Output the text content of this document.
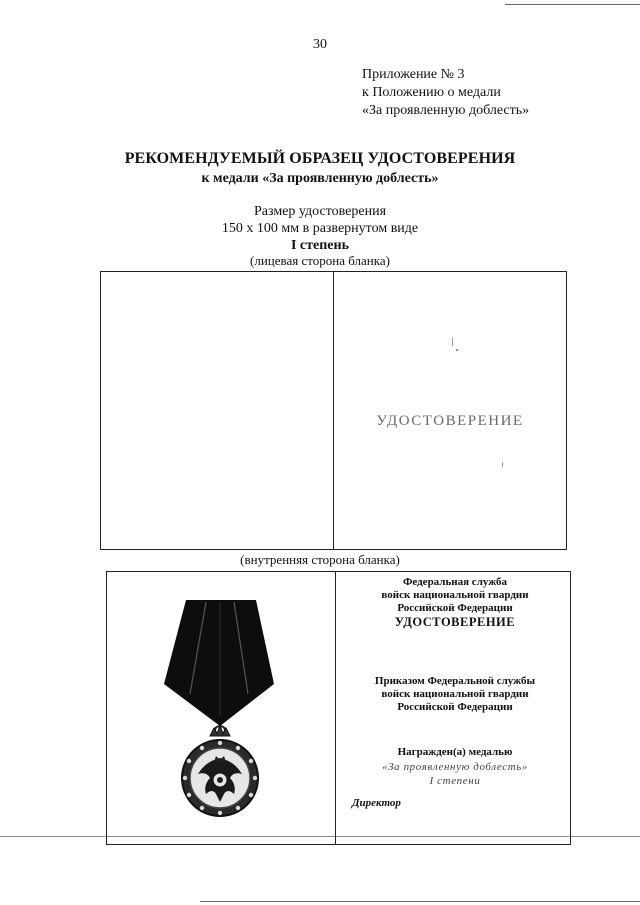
30
Приложение № 3
к Положению о медали
«За проявленную доблесть»
РЕКОМЕНДУЕМЫЙ ОБРАЗЕЦ УДОСТОВЕРЕНИЯ
к медали «За проявленную доблесть»
Размер удостоверения
150 х 100 мм в развернутом виде
I степень
(лицевая сторона бланка)
УДОСТОВЕРЕНИЕ
(внутренняя сторона бланка)
Федеральная служба
войск национальной гвардии
Российской Федерации
УДОСТОВЕРЕНИЕ
Приказом Федеральной службы
войск национальной гвардии
Российской Федерации
Награжден(а) медалью
«За проявленную доблесть»
I степени
Директор
